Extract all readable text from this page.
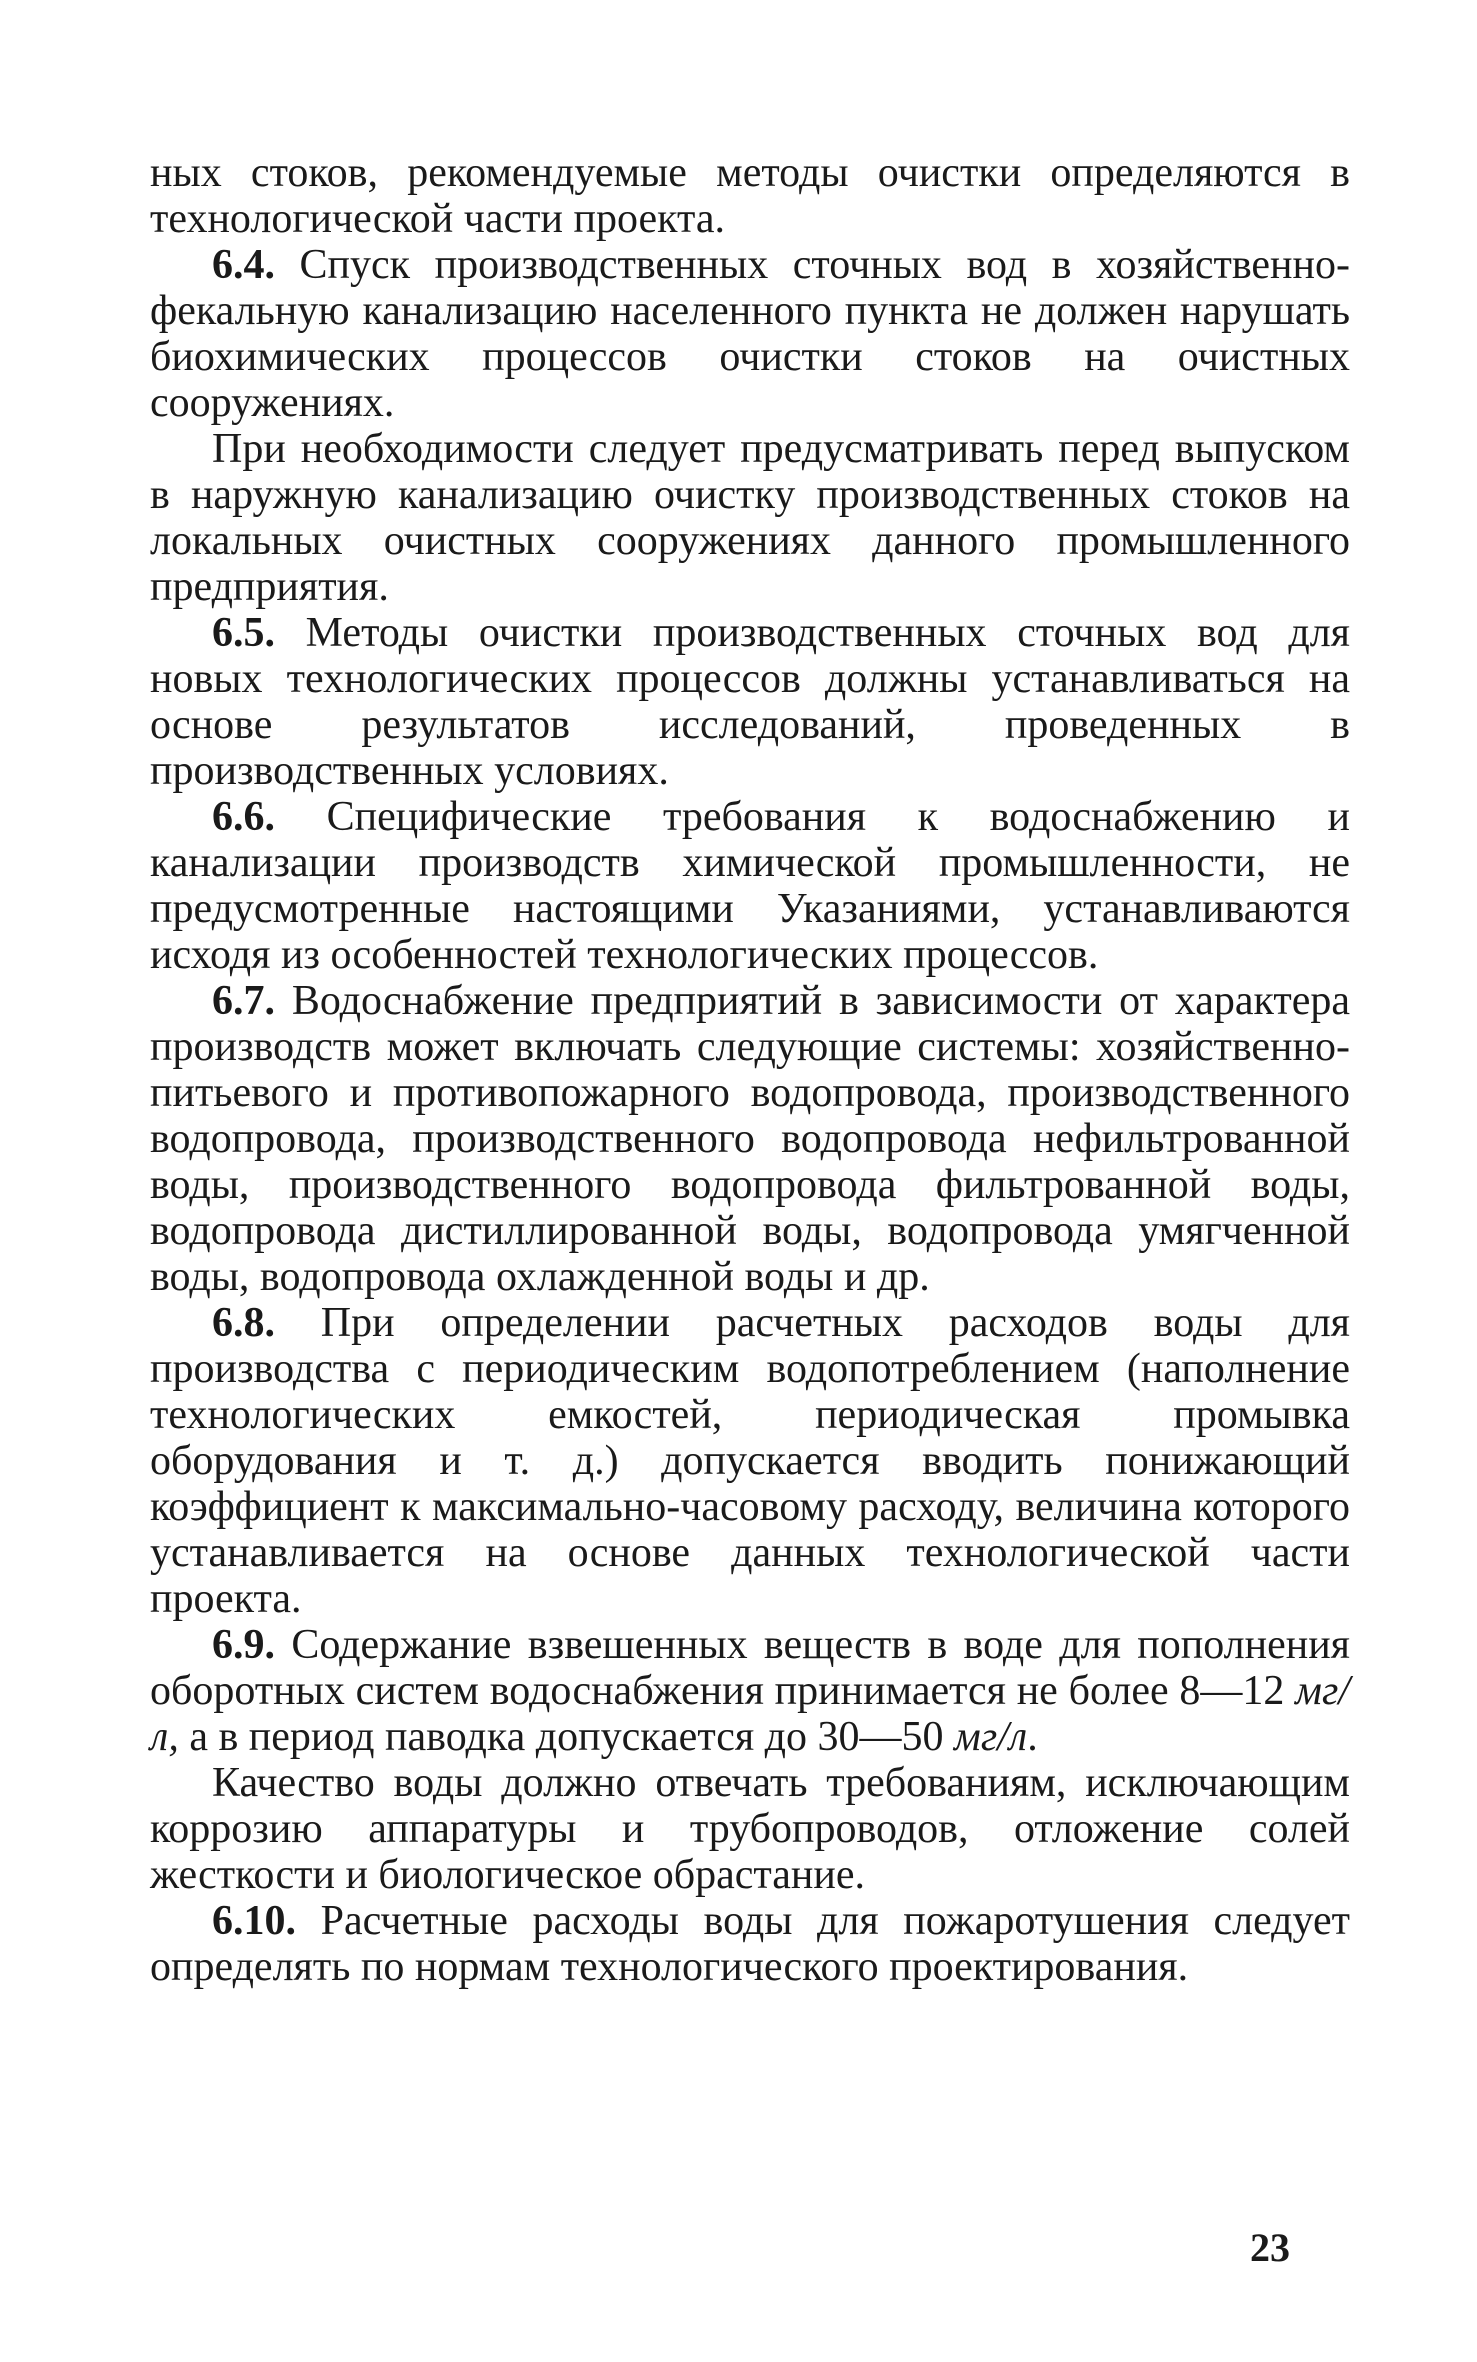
ных стоков, рекомендуемые методы очистки определяются в технологической части проекта.

6.4. Спуск производственных сточных вод в хозяйственно-фекальную канализацию населенного пункта не должен нарушать биохимических процессов очистки стоков на очистных сооружениях.

При необходимости следует предусматривать перед выпуском в наружную канализацию очистку производственных стоков на локальных очистных сооружениях данного промышленного предприятия.

6.5. Методы очистки производственных сточных вод для новых технологических процессов должны устанавливаться на основе результатов исследований, проведенных в производственных условиях.

6.6. Специфические требования к водоснабжению и канализации производств химической промышленности, не предусмотренные настоящими Указаниями, устанавливаются исходя из особенностей технологических процессов.

6.7. Водоснабжение предприятий в зависимости от характера производств может включать следующие системы: хозяйственно-питьевого и противопожарного водопровода, производственного водопровода, производственного водопровода нефильтрованной воды, производственного водопровода фильтрованной воды, водопровода дистиллированной воды, водопровода умягченной воды, водопровода охлажденной воды и др.

6.8. При определении расчетных расходов воды для производства с периодическим водопотреблением (наполнение технологических емкостей, периодическая промывка оборудования и т. д.) допускается вводить понижающий коэффициент к максимально-часовому расходу, величина которого устанавливается на основе данных технологической части проекта.

6.9. Содержание взвешенных веществ в воде для пополнения оборотных систем водоснабжения принимается не более 8—12 мг/л, а в период паводка допускается до 30—50 мг/л.

Качество воды должно отвечать требованиям, исключающим коррозию аппаратуры и трубопроводов, отложение солей жесткости и биологическое обрастание.

6.10. Расчетные расходы воды для пожаротушения следует определять по нормам технологического проектирования.

23
